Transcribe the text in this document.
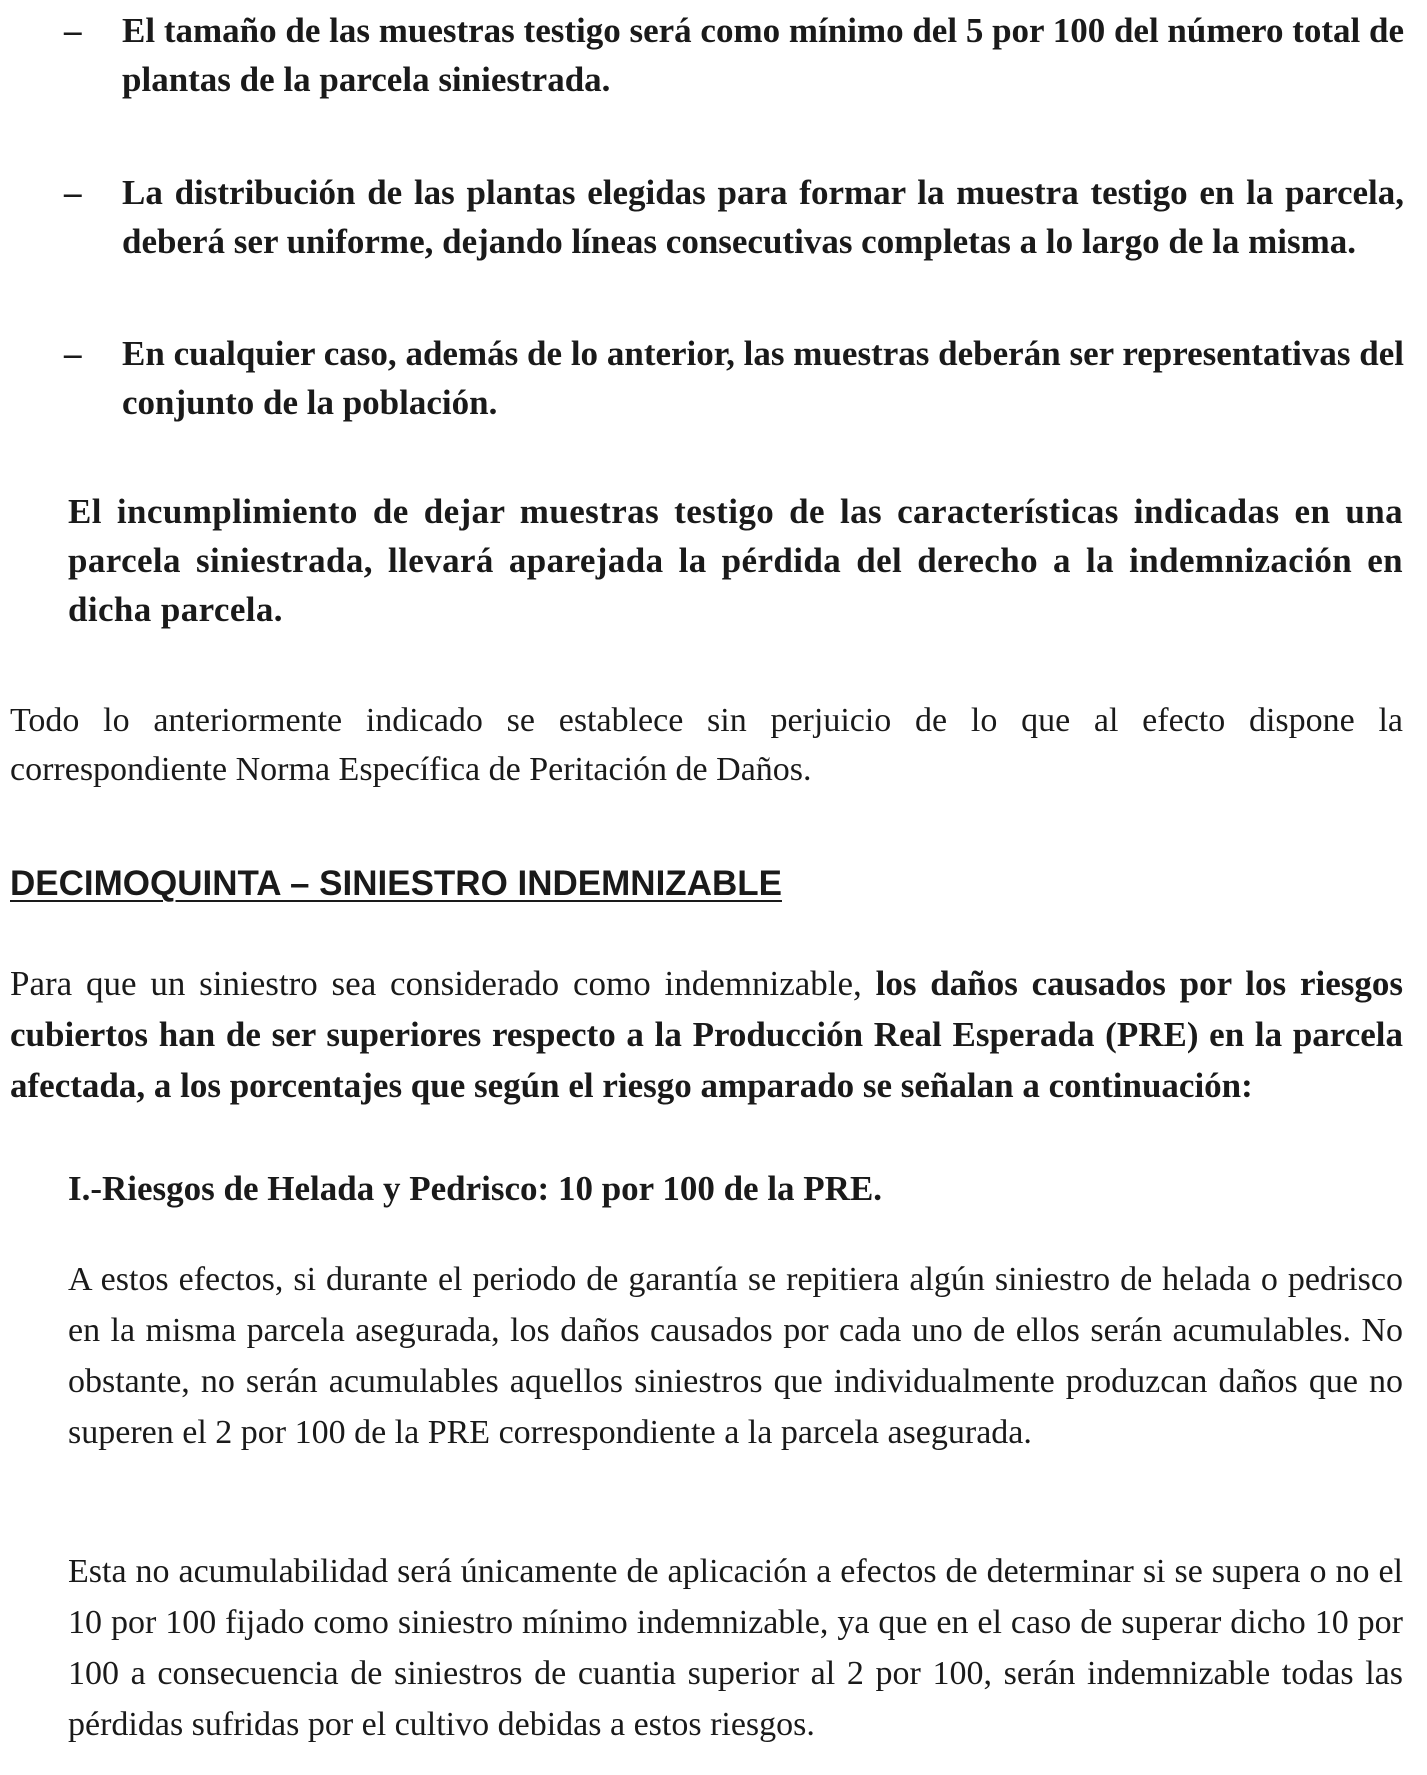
–	El tamaño de las muestras testigo será como mínimo del 5 por 100 del número total de plantas de la parcela siniestrada.
–	La distribución de las plantas elegidas para formar la muestra testigo en la parcela, deberá ser uniforme, dejando líneas consecutivas completas a lo largo de la misma.
–	En cualquier caso, además de lo anterior, las muestras deberán ser representativas del conjunto de la población.
El incumplimiento de dejar muestras testigo de las características indicadas en una parcela siniestrada, llevará aparejada la pérdida del derecho a la indemnización en dicha parcela.
Todo lo anteriormente indicado se establece sin perjuicio de lo que al efecto dispone la correspondiente Norma Específica de Peritación de Daños.
DECIMOQUINTA – SINIESTRO INDEMNIZABLE
Para que un siniestro sea considerado como indemnizable, los daños causados por los riesgos cubiertos han de ser superiores respecto a la Producción Real Esperada (PRE) en la parcela afectada, a los porcentajes que según el riesgo amparado se señalan a continuación:
I.-Riesgos de Helada y Pedrisco: 10 por 100 de la PRE.
A estos efectos, si durante el periodo de garantía se repitiera algún siniestro de helada o pedrisco en la misma parcela asegurada, los daños causados por cada uno de ellos serán acumulables. No obstante, no serán acumulables aquellos siniestros que individualmente produzcan daños que no superen el 2 por 100 de la PRE correspondiente a la parcela asegurada.
Esta no acumulabilidad será únicamente de aplicación a efectos de determinar si se supera o no el 10 por 100 fijado como siniestro mínimo indemnizable, ya que en el caso de superar dicho 10 por 100 a consecuencia de siniestros de cuantia superior al 2 por 100, serán indemnizable todas las pérdidas sufridas por el cultivo debidas a estos riesgos.
